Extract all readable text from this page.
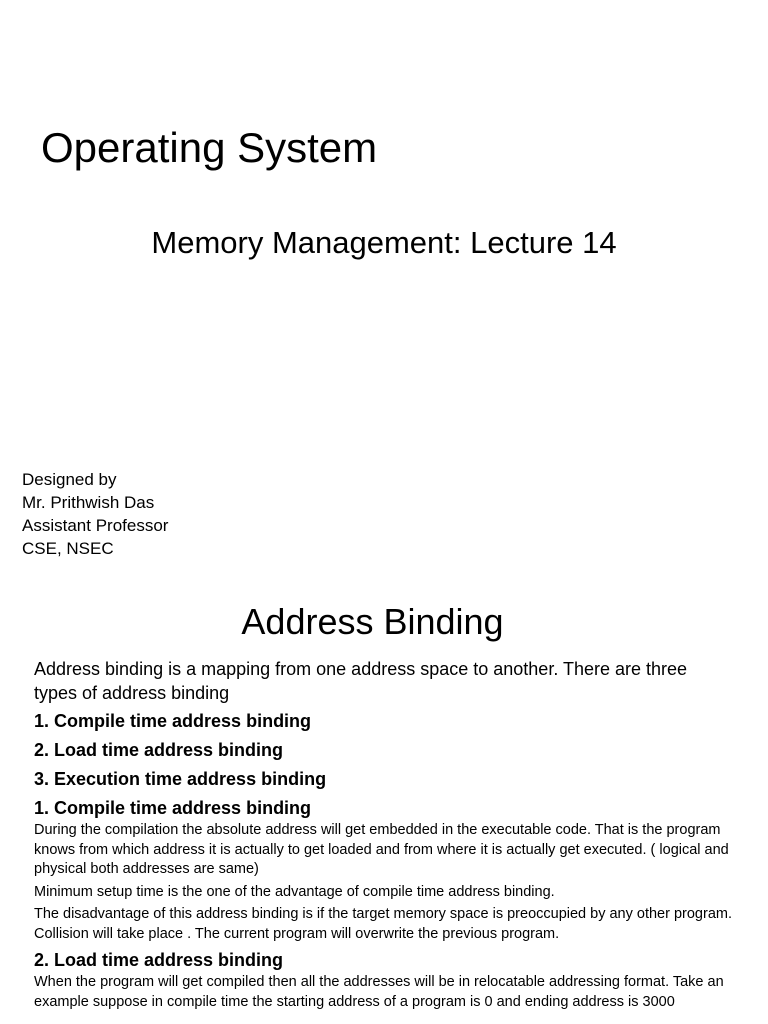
Operating System
Memory Management: Lecture 14
Designed by
Mr. Prithwish Das
Assistant Professor
CSE, NSEC
Address Binding
Address binding is a mapping from one address space to another. There are three types of address binding
1. Compile time address binding
2. Load time address binding
3. Execution time address binding
1. Compile time address binding
During the compilation the absolute address will get embedded in the executable code. That is the program knows from which address it is actually to get loaded and from where it is actually get executed. ( logical and physical both addresses are same)
Minimum setup time is the one of the advantage of compile time address binding.
The disadvantage of this address binding is if the target memory space is preoccupied by any other program. Collision will take place . The current program will overwrite the previous program.
2. Load time address binding
When the program will get compiled then all the addresses will be in relocatable addressing format. Take an example suppose in compile time the starting address of a program is 0 and ending address is 3000
